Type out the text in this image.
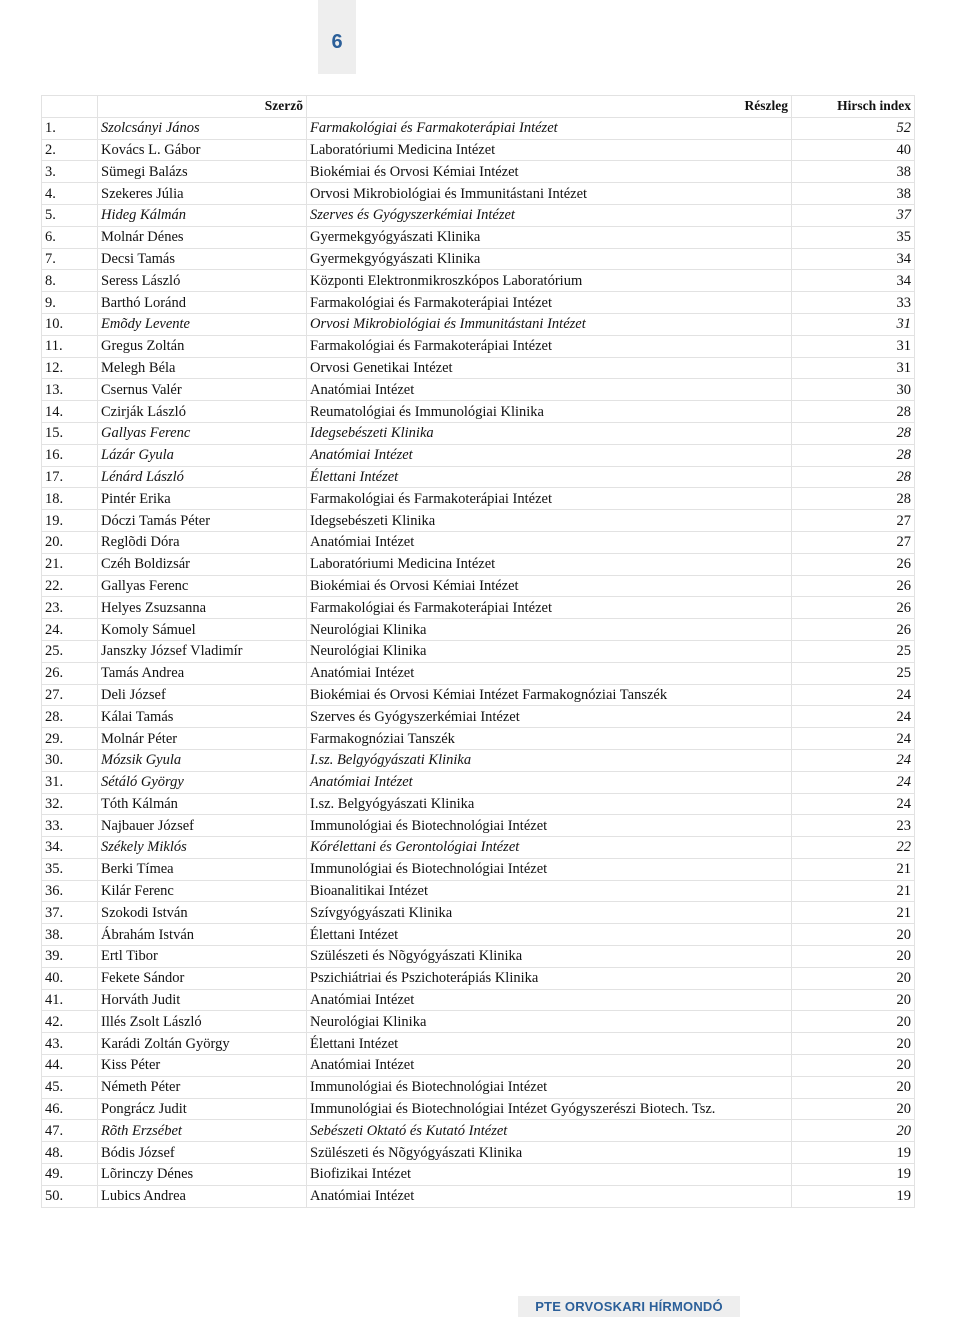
6
	Szerzõ	Részleg	Hirsch index
1.	Szolcsányi János	Farmakológiai és Farmakoterápiai Intézet	52
2.	Kovács L. Gábor	Laboratóriumi Medicina Intézet	40
3.	Sümegi Balázs	Biokémiai és Orvosi Kémiai Intézet	38
4.	Szekeres Júlia	Orvosi Mikrobiológiai és Immunitástani Intézet	38
5.	Hideg Kálmán	Szerves és Gyógyszerkémiai Intézet	37
6.	Molnár Dénes	Gyermekgyógyászati Klinika	35
7.	Decsi Tamás	Gyermekgyógyászati Klinika	34
8.	Seress László	Központi Elektronmikroszkópos Laboratórium	34
9.	Barthó Loránd	Farmakológiai és Farmakoterápiai Intézet	33
10.	Emõdy Levente	Orvosi Mikrobiológiai és Immunitástani Intézet	31
11.	Gregus Zoltán	Farmakológiai és Farmakoterápiai Intézet	31
12.	Melegh Béla	Orvosi Genetikai Intézet	31
13.	Csernus Valér	Anatómiai Intézet	30
14.	Czirják László	Reumatológiai és Immunológiai Klinika	28
15.	Gallyas Ferenc	Idegsebészeti Klinika	28
16.	Lázár Gyula	Anatómiai Intézet	28
17.	Lénárd László	Élettani Intézet	28
18.	Pintér Erika	Farmakológiai és Farmakoterápiai Intézet	28
19.	Dóczi Tamás Péter	Idegsebészeti Klinika	27
20.	Reglõdi Dóra	Anatómiai Intézet	27
21.	Czéh Boldizsár	Laboratóriumi Medicina Intézet	26
22.	Gallyas Ferenc	Biokémiai és Orvosi Kémiai Intézet	26
23.	Helyes Zsuzsanna	Farmakológiai és Farmakoterápiai Intézet	26
24.	Komoly Sámuel	Neurológiai Klinika	26
25.	Janszky József Vladimír	Neurológiai Klinika	25
26.	Tamás Andrea	Anatómiai Intézet	25
27.	Deli József	Biokémiai és Orvosi Kémiai Intézet Farmakognóziai Tanszék	24
28.	Kálai Tamás	Szerves és Gyógyszerkémiai Intézet	24
29.	Molnár Péter	Farmakognóziai Tanszék	24
30.	Mózsik Gyula	I.sz. Belgyógyászati Klinika	24
31.	Sétáló György	Anatómiai Intézet	24
32.	Tóth Kálmán	I.sz. Belgyógyászati Klinika	24
33.	Najbauer József	Immunológiai és Biotechnológiai Intézet	23
34.	Székely Miklós	Kórélettani és Gerontológiai Intézet	22
35.	Berki Tímea	Immunológiai és Biotechnológiai Intézet	21
36.	Kilár Ferenc	Bioanalitikai Intézet	21
37.	Szokodi István	Szívgyógyászati Klinika	21
38.	Ábrahám István	Élettani Intézet	20
39.	Ertl Tibor	Szülészeti és Nõgyógyászati Klinika	20
40.	Fekete Sándor	Pszichiátriai és Pszichoterápiás Klinika	20
41.	Horváth Judit	Anatómiai Intézet	20
42.	Illés Zsolt László	Neurológiai Klinika	20
43.	Karádi Zoltán György	Élettani Intézet	20
44.	Kiss Péter	Anatómiai Intézet	20
45.	Németh Péter	Immunológiai és Biotechnológiai Intézet	20
46.	Pongrácz Judit	Immunológiai és Biotechnológiai Intézet Gyógyszerészi Biotech. Tsz.	20
47.	Rõth Erzsébet	Sebészeti Oktató és Kutató Intézet	20
48.	Bódis József	Szülészeti és Nõgyógyászati Klinika	19
49.	Lõrinczy Dénes	Biofizikai Intézet	19
50.	Lubics Andrea	Anatómiai Intézet	19
PTE ORVOSKARI HÍRMONDÓ
